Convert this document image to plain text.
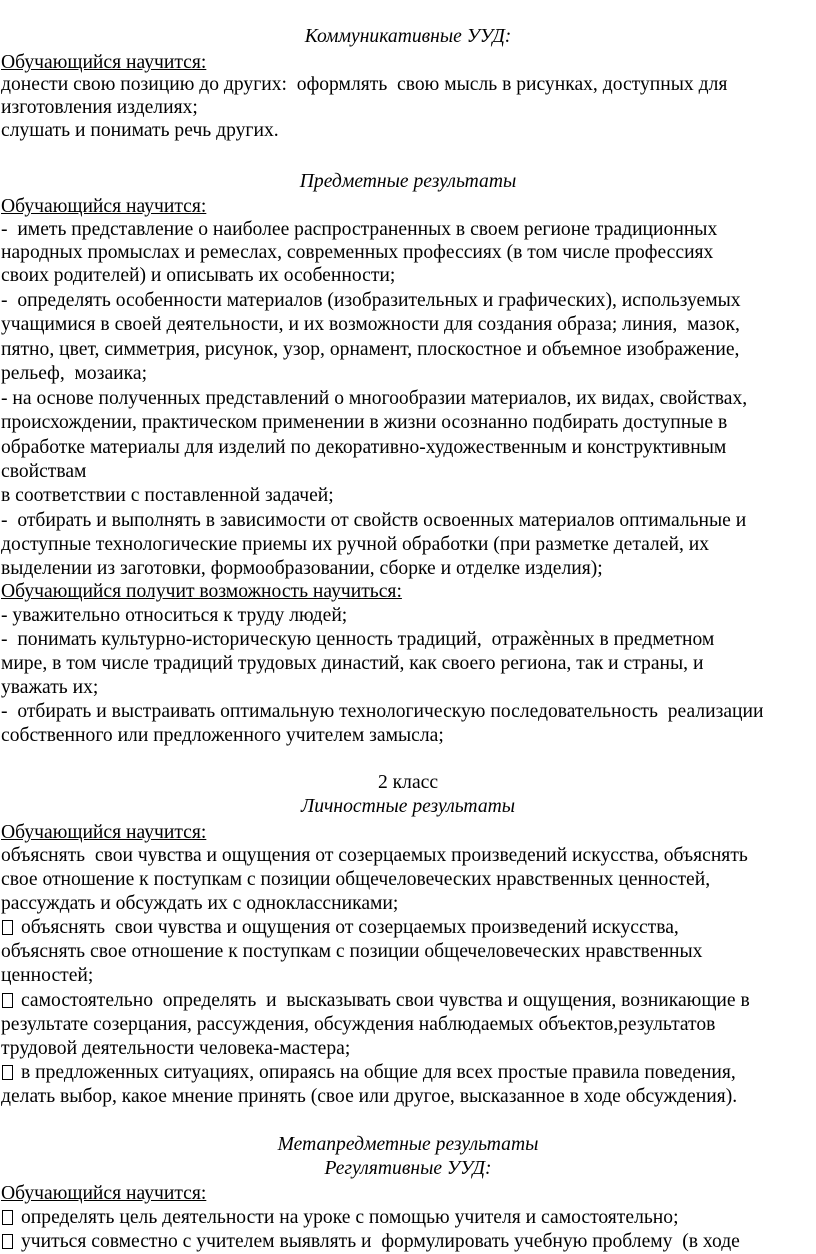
Коммуникативные УУД:
Обучающийся научится:
донести свою позицию до других:  оформлять  свою мысль в рисунках, доступных для
изготовления изделиях;
слушать и понимать речь других.
Предметные результаты
Обучающийся научится:
-  иметь представление о наиболее распространенных в своем регионе традиционных
народных промыслах и ремеслах, современных профессиях (в том числе профессиях
своих родителей) и описывать их особенности;
-  определять особенности материалов (изобразительных и графических), используемых
учащимися в своей деятельности, и их возможности для создания образа; линия,  мазок,
пятно, цвет, симметрия, рисунок, узор, орнамент, плоскостное и объемное изображение,
рельеф,  мозаика;
- на основе полученных представлений о многообразии материалов, их видах, свойствах,
происхождении, практическом применении в жизни осознанно подбирать доступные в
обработке материалы для изделий по декоративно-художественным и конструктивным
свойствам
в соответствии с поставленной задачей;
-  отбирать и выполнять в зависимости от свойств освоенных материалов оптимальные и
доступные технологические приемы их ручной обработки (при разметке деталей, их
выделении из заготовки, формообразовании, сборке и отделке изделия);
Обучающийся получит возможность научиться:
- уважительно относиться к труду людей;
-  понимать культурно-историческую ценность традиций,  отражѐнных в предметном
мире, в том числе традиций трудовых династий, как своего региона, так и страны, и
уважать их;
-  отбирать и выстраивать оптимальную технологическую последовательность  реализации
собственного или предложенного учителем замысла;
2 класс
Личностные результаты
Обучающийся научится:
объяснять  свои чувства и ощущения от созерцаемых произведений искусства, объяснять
свое отношение к поступкам с позиции общечеловеческих нравственных ценностей,
рассуждать и обсуждать их с одноклассниками;
объяснять  свои чувства и ощущения от созерцаемых произведений искусства,
объяснять свое отношение к поступкам с позиции общечеловеческих нравственных
ценностей;
самостоятельно  определять  и  высказывать свои чувства и ощущения, возникающие в
результате созерцания, рассуждения, обсуждения наблюдаемых объектов,результатов
трудовой деятельности человека-мастера;
в предложенных ситуациях, опираясь на общие для всех простые правила поведения,
делать выбор, какое мнение принять (свое или другое, высказанное в ходе обсуждения).
Метапредметные результаты
Регулятивные УУД:
Обучающийся научится:
определять цель деятельности на уроке с помощью учителя и самостоятельно;
учиться совместно с учителем выявлять и  формулировать учебную проблему  (в ходе
